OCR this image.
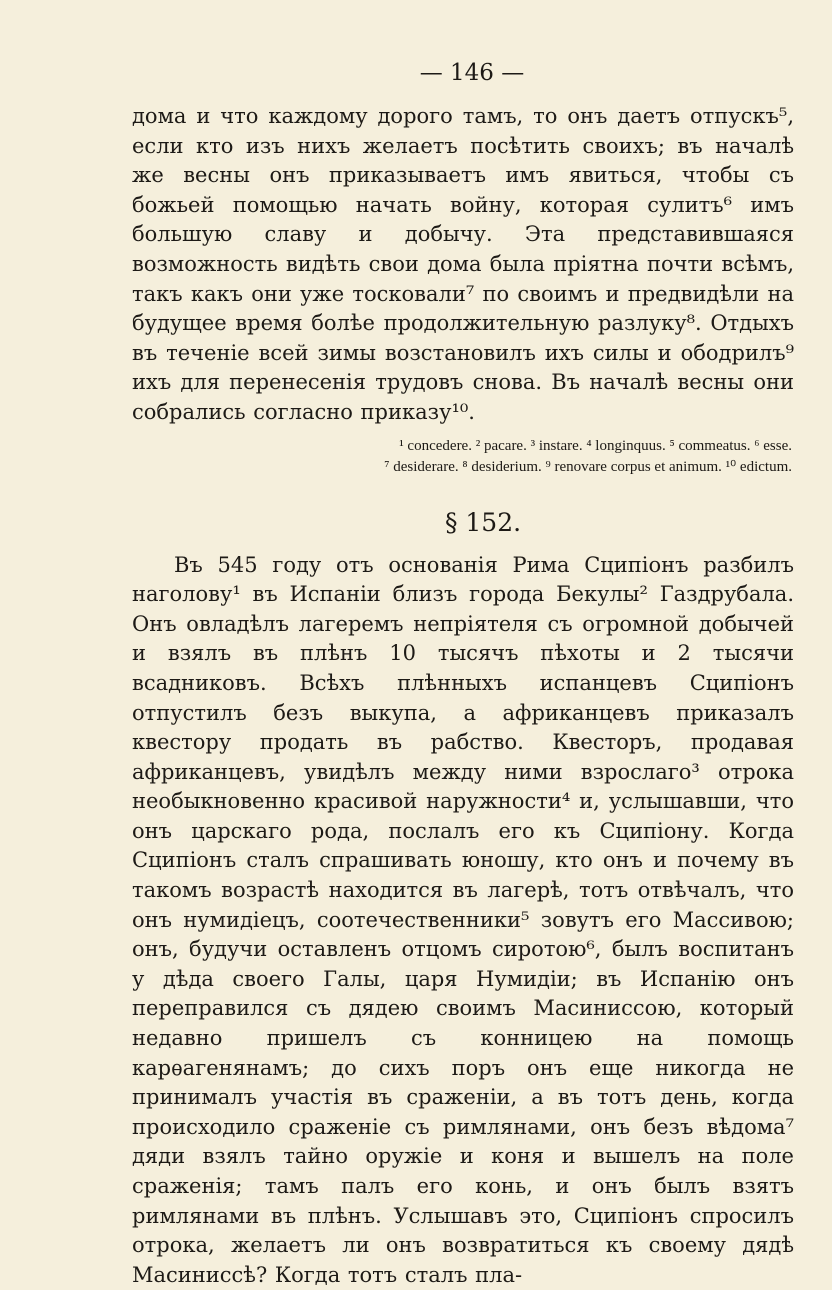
— 146 —

дома и что каждому дорого тамъ, то онъ даетъ отпускъ⁵, если кто изъ нихъ желаетъ посѣтить своихъ; въ началѣ же весны онъ приказываетъ имъ явиться, чтобы съ божьей помощью начать войну, которая сулитъ⁶ имъ большую славу и добычу. Эта представившаяся возможность видѣть свои дома была пріятна почти всѣмъ, такъ какъ они уже тосковали⁷ по своимъ и предвидѣли на будущее время болѣе продолжительную разлуку⁸. Отдыхъ въ теченіе всей зимы возстановилъ ихъ силы и ободрилъ⁹ ихъ для перенесенія трудовъ снова. Въ началѣ весны они собрались согласно приказу¹⁰.

¹ concedere. ² pacare. ³ instare. ⁴ longinquus. ⁵ commeatus. ⁶ esse.
⁷ desiderare. ⁸ desiderium. ⁹ renovare corpus et animum. ¹⁰ edictum.
§ 152.

Въ 545 году отъ основанія Рима Сципіонъ разбилъ наголову¹ въ Испаніи близъ города Бекулы² Газдрубала. Онъ овладѣлъ лагеремъ непріятеля съ огромной добычей и взялъ въ плѣнъ 10 тысячъ пѣхоты и 2 тысячи всадниковъ. Всѣхъ плѣнныхъ испанцевъ Сципіонъ отпустилъ безъ выкупа, а африканцевъ приказалъ квестору продать въ рабство. Квесторъ, продавая африканцевъ, увидѣлъ между ними взрослаго³ отрока необыкновенно красивой наружности⁴ и, услышавши, что онъ царскаго рода, послалъ его къ Сципіону. Когда Сципіонъ сталъ спрашивать юношу, кто онъ и почему въ такомъ возрастѣ находится въ лагерѣ, тотъ отвѣчалъ, что онъ нумидіецъ, соотечественники⁵ зовутъ его Массивою; онъ, будучи оставленъ отцомъ сиротою⁶, былъ воспитанъ у дѣда своего Галы, царя Нумидіи; въ Испанію онъ переправился съ дядею своимъ Масиниссою, который недавно пришелъ съ конницею на помощь карѳагенянамъ; до сихъ поръ онъ еще никогда не принималъ участія въ сраженіи, а въ тотъ день, когда происходило сраженіе съ римлянами, онъ безъ вѣдома⁷ дяди взялъ тайно оружіе и коня и вышелъ на поле сраженія; тамъ палъ его конь, и онъ былъ взятъ римлянами въ плѣнъ. Услышавъ это, Сципіонъ спросилъ отрока, желаетъ ли онъ возвратиться къ своему дядѣ Масиниссѣ? Когда тотъ сталъ пла-
